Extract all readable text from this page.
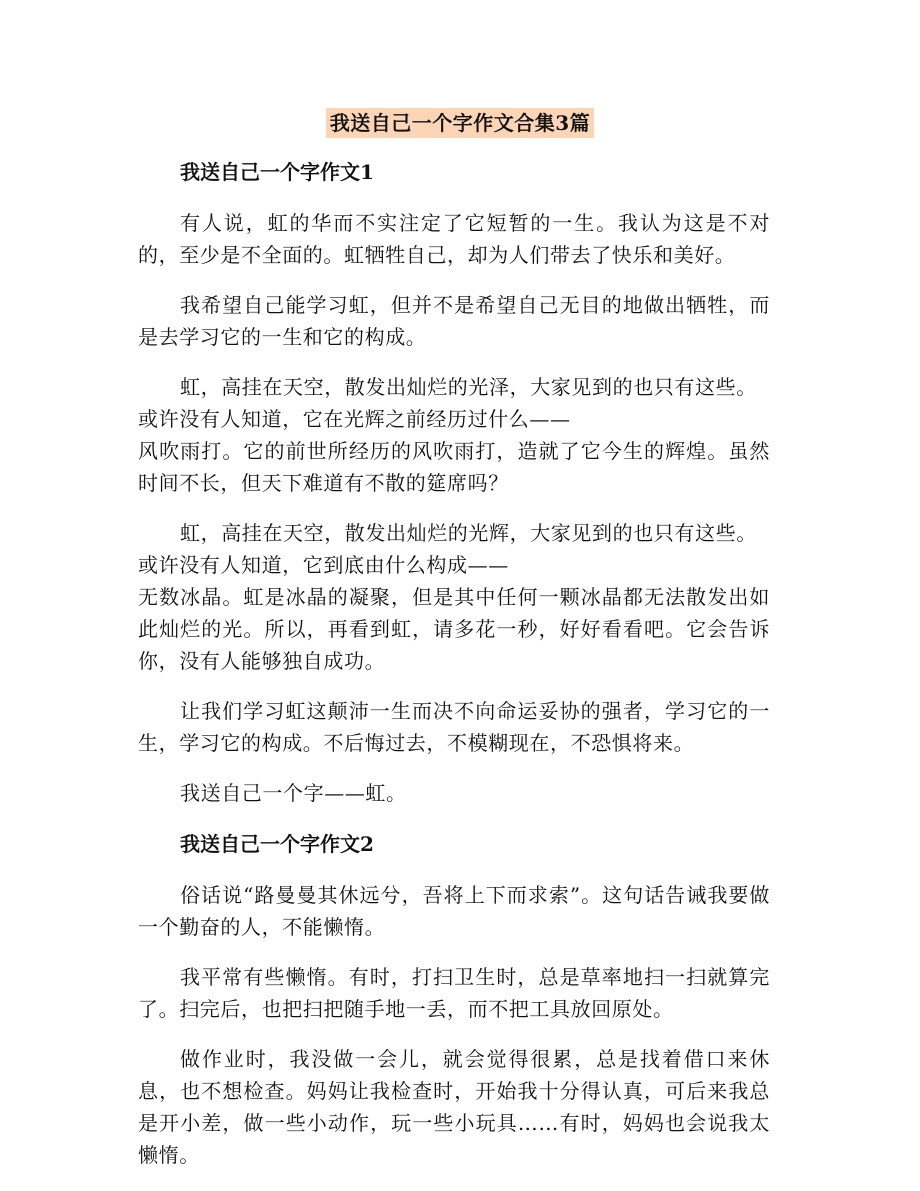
我送自己一个字作文合集3篇
我送自己一个字作文1

有人说，虹的华而不实注定了它短暂的一生。我认为这是不对的，至少是不全面的。虹牺牲自己，却为人们带去了快乐和美好。

我希望自己能学习虹，但并不是希望自己无目的地做出牺牲，而是去学习它的一生和它的构成。

虹，高挂在天空，散发出灿烂的光泽，大家见到的也只有这些。
或许没有人知道，它在光辉之前经历过什么——
风吹雨打。它的前世所经历的风吹雨打，造就了它今生的辉煌。虽然时间不长，但天下难道有不散的筵席吗？

虹，高挂在天空，散发出灿烂的光辉，大家见到的也只有这些。
或许没有人知道，它到底由什么构成——
无数冰晶。虹是冰晶的凝聚，但是其中任何一颗冰晶都无法散发出如此灿烂的光。所以，再看到虹，请多花一秒，好好看看吧。它会告诉你，没有人能够独自成功。

让我们学习虹这颠沛一生而决不向命运妥协的强者，学习它的一生，学习它的构成。不后悔过去，不模糊现在，不恐惧将来。

我送自己一个字——虹。

我送自己一个字作文2

俗话说“路曼曼其休远兮，吾将上下而求索”。这句话告诫我要做一个勤奋的人，不能懒惰。

我平常有些懒惰。有时，打扫卫生时，总是草率地扫一扫就算完了。扫完后，也把扫把随手地一丢，而不把工具放回原处。

做作业时，我没做一会儿，就会觉得很累，总是找着借口来休息，也不想检查。妈妈让我检查时，开始我十分得认真，可后来我总是开小差，做一些小动作，玩一些小玩具……有时，妈妈也会说我太懒惰。
